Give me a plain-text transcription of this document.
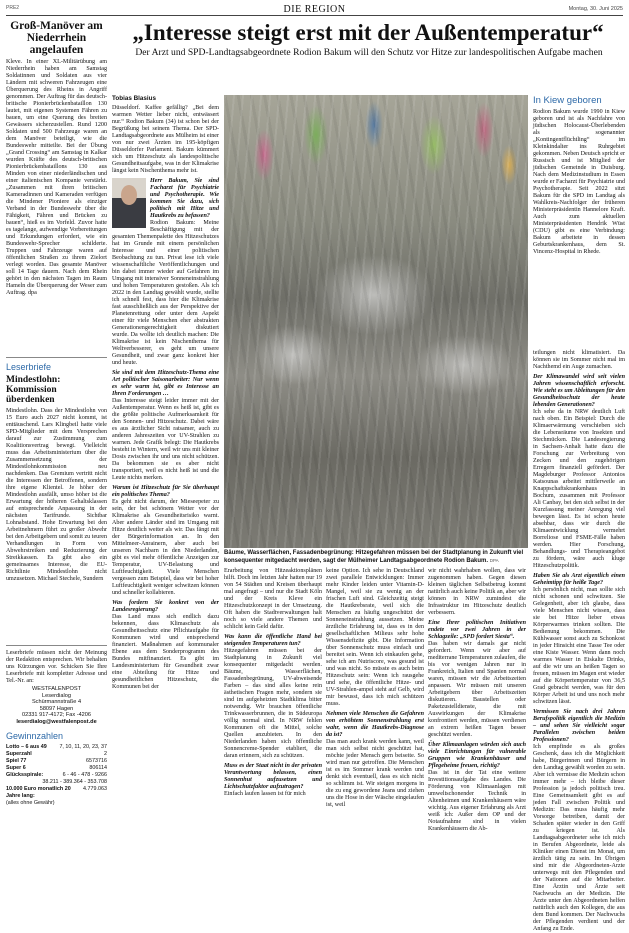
PRE2	DIE REGION	Montag, 30. Juni 2025
„Interesse steigt erst mit der Außentemperatur“
Der Arzt und SPD-Landtagsabgeordnete Rodion Bakum will den Schutz vor Hitze zur landespolitischen Aufgabe machen
Groß-Manöver am Niederrhein angelaufen
Kleve. In einer XL-Militärübung am Niederrhein haben am Samstag Soldatinnen und Soldaten aus vier Ländern mit schweren Fahrzeugen eine Überquerung des Rheins in Angriff genommen. Der Auftrag für das deutsch-britische Pionierbrückenbataillon 130 lautet, mit eigenen Systemen Fähren zu bauen, um eine Querung des breiten Gewässers sicherzustellen. Rund 1200 Soldaten und 500 Fahrzeuge waren an dem Manöver beteiligt, wie die Bundeswehr mitteilte. Bei der Übung „Grand Crossing“ am Samstag in Kalkar wurden Kräfte des deutsch-britischen Pionierbrückenbataillons 130 aus Minden von einer niederländischen und einer italienischen Kompanie verstärkt. „Zusammen mit ihren britischen Kameradinnen und Kameraden verfügen die Mindener Pioniere als einziger Verband in der Bundeswehr über die Fähigkeit, Fähren und Brücken zu bauen“, hieß es im Vorfeld. Zuvor hatte es tagelange, aufwendige Vorbereitungen und Erkundungen erfordert, wie ein Bundeswehr-Sprecher schilderte. Truppen und Fahrzeuge waren auf öffentlichen Straßen zu ihrem Zielort verlegt worden. Das gesamte Manöver soll 14 Tage dauern. Nach dem Rhein gehört in den nächsten Tagen im Raum Hameln die Überquerung der Weser zum Auftrag. dpa
Leserbriefe
Mindestlohn: Kommission überdenken
Mindestlohn. Dass der Mindestlohn von 15 Euro auch 2027 nicht kommt, ist enttäuschend. Lars Klingbeil hatte viele SPD-Mitglieder mit dem Versprechen darauf zur Zustimmung zum Koalitionsvertrag bewegt. Vielleicht muss das Arbeitsministerium über die Zusammensetzung der Mindestlohnkommission neu nachdenken. Das Gremium vertritt nicht die Interessen der Betroffenen, sondern ihre eigene Klientel. Je höher der Mindestlohn ausfällt, umso höher ist die Erwartung der höheren Gehaltsklassen auf entsprechende Anpassung in der nächsten Tarifrunde. Sichtbar Lohnabstand. Hohe Erwartung bei den Arbeitnehmern führt zu großer Abwehr bei den Arbeitgebern und somit zu teuren Verhandlungen in Form von Abwehrstreiken und Reduzierung der Streikkassen. Es gibt also ein gemeinsames Interesse, die EU-Richtlinie Mindestlohn nicht umzusetzen. Michael Stechele, Sundern
Leserbriefe müssen nicht der Meinung der Redaktion entsprechen. Wir behalten uns Kürzungen vor. Schicken Sie Ihre Leserbriefe mit kompletter Adresse und Tel.-Nr. an:
WESTFALENPOST
Leserdialog
Schürmannstraße 4
58097 Hagen
02331 917-4172; Fax -4206
leserdialog@westfalenpost.de
Gewinnzahlen
Lotto – 6 aus 49 7, 10, 11, 20, 23, 37
Superzahl	2
Spiel 77	6573716
Super 6	806114
Glücksspirale:	6 - 46 - 478 - 9266
38.211 - 389.364 - 353.708
10.000 Euro monatlich 20 Jahre lang:
4.779.063
(alles ohne Gewähr)
Tobias Blasius
Düsseldorf. Kaffee gefällig? „Bei dem warmen Wetter lieber nicht, entwässert nur.“ Rodion Bakum (34) ist schon bei der Begrüßung bei seinem Thema. Der SPD-Landtagsabgeordnete aus Mülheim ist einer von nur zwei Ärzten im 195-köpfigen Düsseldorfer Parlament. Bakum kümmert sich um Hitzeschutz als landespolitische Gesundheitsaufgabe, was in der Klimakrise längst kein Nischenthema mehr ist.
Herr Bakum, Sie sind Facharzt für Psychiatrie und Psychotherapie. Wie kommen Sie dazu, sich politisch mit Hitze und Hautkrebs zu befassen?
Rodion Bakum: Meine Beschäftigung mit der gesamten Themenpalette des Hitzeschutzes hat im Grunde mit einem persönlichen Interesse und einer politischen Beobachtung zu tun. Privat lese ich viele wissenschaftliche Veröffentlichungen und bin dabei immer wieder auf Gefahren im Umgang mit intensiver Sonneneinstrahlung und hohen Temperaturen gestoßen. Als ich 2022 in den Landtag gewählt wurde, stellte ich schnell fest, dass hier die Klimakrise fast ausschließlich aus der Perspektive der Planetenrettung oder unter dem Aspekt einer für viele Menschen eher abstrakten Generationengerechtigkeit diskutiert wurde. Da wollte ich deutlich machen: Die Klimakrise ist kein Nischenthema für Weltverbesserer, es geht um unsere Gesundheit, und zwar ganz konkret hier und heute.

Sie sind mit dem Hitzeschutz-Thema eine Art politischer Saisonarbeiter: Nur wenn es sehr warm ist, gibt es Interesse an Ihren Forderungen …

Das Interesse steigt leider immer mit der Außentemperatur. Wenn es heiß ist, gibt es die größte politische Aufmerksamkeit für den Sonnen- und Hitzeschutz. Dabei wäre es aus ärztlicher Sicht ratsamer, auch zu anderen Jahreszeiten vor UV-Strahlen zu warnen. Jede Grafik belegt: Die Hautkrebs besteht in Wintern, weil wir uns mit kleiner Dosis zwischen ihr und uns nicht schützen. Da bekommen sie es aber nicht transportiert, weil es nicht heiß ist und die Leute nichts merken.

Warum ist Hitzeschutz für Sie überhaupt ein politisches Thema?

Es geht nicht darum, der Mieseepeter zu sein, der bei schönem Wetter vor der Klimakrise als Gesundheitsrisiko warnt. Aber andere Länder sind im Umgang mit Hitze deutlich weiter als wir. Das fängt mit der Bürgerinformation an. In den Mittelmeer-Anrainern, aber auch bei unseren Nachbarn in den Niederlanden, gibt es viel mehr öffentliche Anzeigen zur Temperatur, UV-Belastung und Luftfeuchtigkeit. Viele Menschen vergessen zum Beispiel, dass wir bei hoher Luftfeuchtigkeit weniger schwitzen können und schneller kollabieren.

Was fordern Sie konkret von der Landesregierung?

Das Land muss sich endlich dazu bekennen, dass Klimaschutz als Gesundheitsschutz eine Pflichtaufgabe für Kommunen wird und entsprechend finanziert. Maßnahmen auf kommunaler Ebene aus dem Sonderprogramm des Bundes mitfinanziert. Es gibt im Landesministerium für Gesundheit zwar eine Abteilung für Hitze und gesundheitlichen Hitzeschutz, die Kommunen bei der

Bäume, Wasserflächen, Fassadenbegrünung: Hitzegefahren müssen bei der Stadtplanung in Zukunft viel konsequenter mitgedacht werden, sagt der Mülheimer Landtagsabgeordnete Rodion Bakum. DPA

Erarbeitung von Hitzeaktionsplänen hilft. Doch im letzten Jahr hatten nur 19 von 54 Städten und Kreisen überhaupt mal angefragt – und nur die Stadt Köln und der Kreis Kleve ein Hitzeschutzkonzept in der Umsetzung. Oft haben die Stadtverwaltungen halt noch so viele andere Themen und schlicht kein Geld dafür.

Was kann die öffentliche Hand bei steigenden Temperaturen tun?

Hitzegefahren müssen bei der Stadtplanung in Zukunft viel konsequenter mitgedacht werden. Bäume, Wasserflächen, Fassadenbegrünung, UV-abweisende Farben – das sind alles keine rein ästhetischen Fragen mehr, sondern sie sind im aufgeheizten Stadtklima bitter notwendig. Wir brauchen öffentliche Trinkwasserbrunnen, die in Südeuropa völlig normal sind. In NRW fehlen Kommunen oft die Mittel, solche Quellen anzubieten. In den Niederlanden haben sich öffentliche Sonnencreme-Spender etabliert, die daran erinnern, sich zu schützen.

Muss es der Staat nicht in der privaten Verantwortung belassen, einen Sonnenhut aufzusetzen und Lichtschutzfaktor aufzutragen?

Einfach laufen lassen ist für mich

keine Option. Ich sehe in Deutschland zwei parallele Entwicklungen: Immer mehr Kinder leiden unter Vitamin-D-Mangel, weil sie zu wenig an der frischen Luft sind. Gleichzeitig steigt die Hautkrebsrate, weil sich die Menschen zu häufig ungeschützt der Sonneneinstrahlung aussetzen. Meine ärztliche Erfahrung ist, dass es in den gesellschaftlichen Milieus sehr hohe Wissensdefizite gibt. Die Information über Sonnenschutz muss einfach und bereitet sein. Wenn ich einkaufen gehe, sehe ich am Nutriscore, was gesund ist und was nicht. So müsste es auch beim Hitzeschutz sein: Wenn ich rausgehe und sehe, die öffentliche Hitze- und UV-Strahlen-ampel steht auf Gelb, wird mir bewusst, dass ich mich schützen muss.

Nehmen viele Menschen die Gefahren von erhöhtem Sonnenstrahlung erst wahr, wenn die Hautkrebs-Diagnose da ist?

Das man auch krank werden kann, weil man sich selbst nicht geschützt hat, möchte jeder Mensch gern beiseite. So wird man nur getroffen. Die Menschen ist es im Sommer krank werden und denkt sich eventuell, dass es sich nicht so schlimm ist. Wir steigen morgens in die zu eng gewordene Jeans und ziehen uns die Hose in der Wäsche eingelaufen ist, weil

wir nicht wahrhaben wollen, dass wir zugenommen haben. Gegen diesen kleinen täglichen Selbstbetrug kommt natürlich auch keine Politik an, aber wir können in NRW zumindest die Infrastruktur im Hitzeschutz deutlich verbessern.

Eine Ihrer politischen Initiativen endete vor zwei Jahren in der Schlagzeile: „SPD fordert Siesta“.

Das haben wir damals gar nicht gefordert. Wenn wir aber auf mediterrane Temperaturen zulaufen, die bis vor wenigen Jahren nur in Frankreich, Italien und Spanien normal waren, müssen wir die Arbeitszeiten anpassen. Wir müssen mit unseren Arbeitgebern über Arbeitszeiten diskutieren. Baustellen oder Paketzustelldienste, die mit Auswirkungen der Klimakrise konfrontiert werden, müssen verdienen an extrem heißen Tagen besser geschützt werden.

Über Klimaanlagen würden sich auch viele Einrichtungen für vulnerable Gruppen wie Krankenhäuser und Pflegeheime freuen, richtig?

Das ist in der Tat eine weitere Investitionsaufgabe des Landes. Die Förderung von Klimaanlagen mit umweltschonender Technik in Altenheimen und Krankenhäusern wäre wichtig. Aus eigener Erfahrung als Arzt weiß ich: Außer dem OP und der Notaufnahme sind in vielen Krankenhäusern die Ab-

In Kiew geboren
Rodion Bakum wurde 1990 in Kiew geboren und ist als Nachfahre von jüdischen Holocaust-Überlebenden als sogenannter „Kontingentflüchtling“ im Kleinkindalter ins Ruhrgebiet gekommen. Neben Deutsch spricht er Russisch und ist Mitglied der jüdischen Gemeinde in Duisburg. Nach dem Medizinstudium in Essen wurde er Facharzt für Psychiatrie und Psychotherapie. Seit 2022 sitzt Bakum für die SPD im Landtag als Wahlkreis-Nachfolger der früheren Ministerpräsidentin Hannelore Kraft. Auch zum aktuellen Ministerpräsidenten Hendrik Wüst (CDU) gibt es eine Verbindung: Bakum arbeitete in dessen Geburtskrankenhaus, dem St. Vincenz-Hospital in Rhede.

teilungen nicht klimatisiert. Da können sie im Sommer nicht mal im Nachthemd ein Auge zumachen.

Der Klimawandel wird seit vielen Jahren wissenschaftlich erforscht. Wie steht es um Ableitungen für den Gesundheitsschutz der heute lebenden Generationen?

Ich sehe da in NRW deutlich Luft nach oben. Ein Beispiel: Durch die Klimaerwärmung verschieben sich die Lebensräume von Insekten und Stechmücken. Die Landesregierung in Sachsen-Anhalt hatte dazu die Forschung zur Verbreitung von Zecken und den zugehörigen Erregern finanziell gefördert. Der Magdeburger Professor Antonios Katsounas arbeitet mittlerweile an Knappschaftskrankenhaus in Bochum, zusammen mit Professor Ali Canbay, bei den sich selbst in der Kurzfassung meiner Anregung viel bewegen lässt. Es ist schon heute absehbar, dass wir durch die Klimaentwicklung vermehrt Borreliose und FSME-Fälle haben werden. Hier Forschung, Behandlungs- und Therapieangebot zu fördern, wäre auch kluge Hitzeschutzpolitik.

Haben Sie als Arzt eigentlich einen Geheimtipp für heiße Tage?

Ich persönlich nicht, man sollte sich nicht schonen und schwitzen. Sie Gelegenheit, aber ich glaube, dass viele Menschen nicht wissen, dass sie bei Hitze lieber etwas Körperwarmes trinken sollten. Die Bedienung bekommen. Die Kühlwasser sonst auch zu Schonkost in jeder Hinsicht eine Tasse Tee oder eine Kiste Wasser. Wenn dann noch warmes Wasser in Eiskalte Drinks, auf die wir uns an heißen Tagen so freuen, müssen im Magen erst wieder auf die Körpertemperatur von 36,5 Grad gebracht werden, was für den Körper Arbeit ist und uns noch mehr schwitzen lässt.

Vermissen Sie nach drei Jahren Berufspolitik eigentlich die Medizin – und sehen Sie vielleicht sogar Parallelen zwischen beiden Professionen?

Ich empfinde es als großes Geschenk, dass ich die Möglichkeit habe, Bürgerinnen und Bürgern in den Landtag gewählt worden zu sein. Aber ich vermisse die Medizin schon immer mehr – ich bleibe dieser Profession ja jedoch politisch treu. Eine Gemeinsamkeit gibt es auf jeden Fall zwischen Politik und Medizin: Das muss häufig mehr Vorsorge betreiben, damit der Schaden später wieder in den Griff zu kriegen ist. Als Landtagsabgeordneter sehe ich mich in Berufen Abgeordnete, leide als Kliniker einen Dienst im Monat, um ärztlich tätig zu sein. Im Übrigen sind mir die Abgeordneten-Arzte unterwegs mit den Pflegenden und der Nationen auf die Mitarbeiter. Eine Ärztin und Ärzte seit Nachwuchs an der Medizin. Die Ärzte unter den Abgeordneten helfen natürlich auch den Kollegen, die aus dem Bund kommen. Der Nachwuchs der Pflegenden verdient und der Anfang zu Ende.
